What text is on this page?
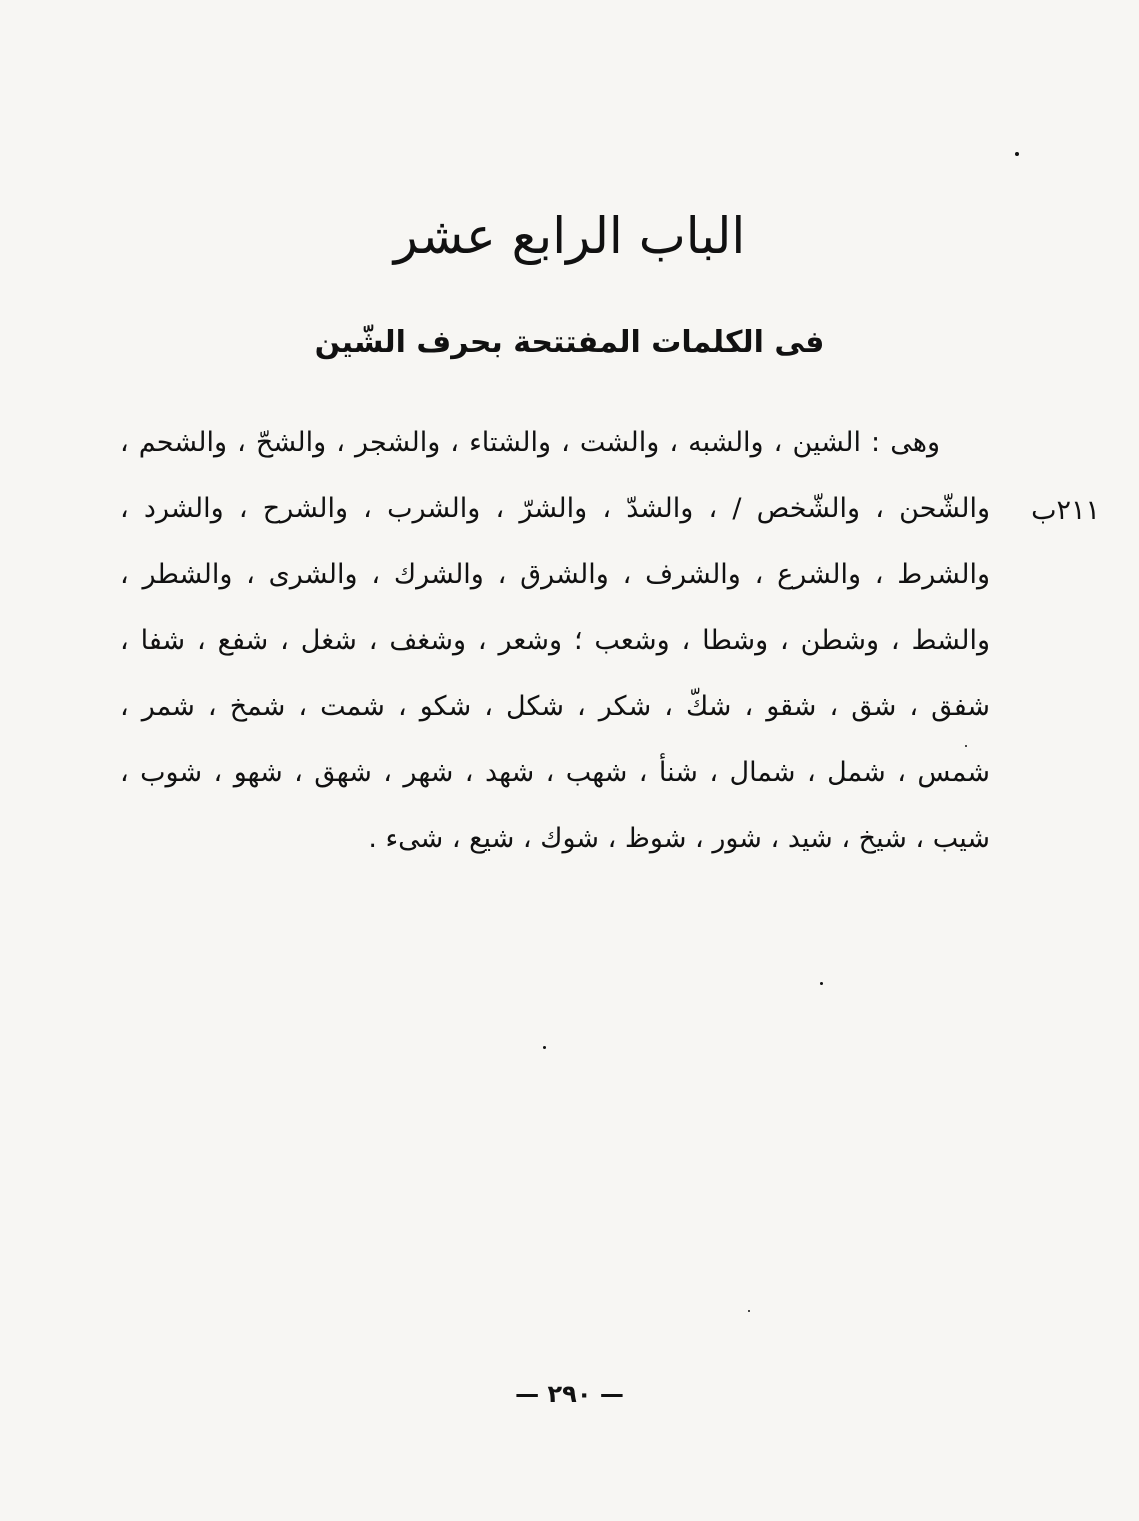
الباب الرابع عشر
فى الكلمات المفتتحة بحرف الشّين
٢١١ب
وهى : الشين ، والشبه ، والشت ، والشتاء ، والشجر ، والشحّ ، والشحم ،
والشّحن ، والشّخص / ، والشدّ ، والشرّ ، والشرب ، والشرح ، والشرد ،
والشرط ، والشرع ، والشرف ، والشرق ، والشرك ، والشرى ، والشطر ،
والشط ، وشطن ، وشطا ، وشعب ؛ وشعر ، وشغف ، شغل ، شفع ، شفا ،
شفق ، شق ، شقو ، شكّ ، شكر ، شكل ، شكو ، شمت ، شمخ ، شمر ،
شمس ، شمل ، شمال ، شنأ ، شهب ، شهد ، شهر ، شهق ، شهو ، شوب ،
شيب ، شيخ ، شيد ، شور ، شوظ ، شوك ، شيع ، شىء .
— ٢٩٠ —
